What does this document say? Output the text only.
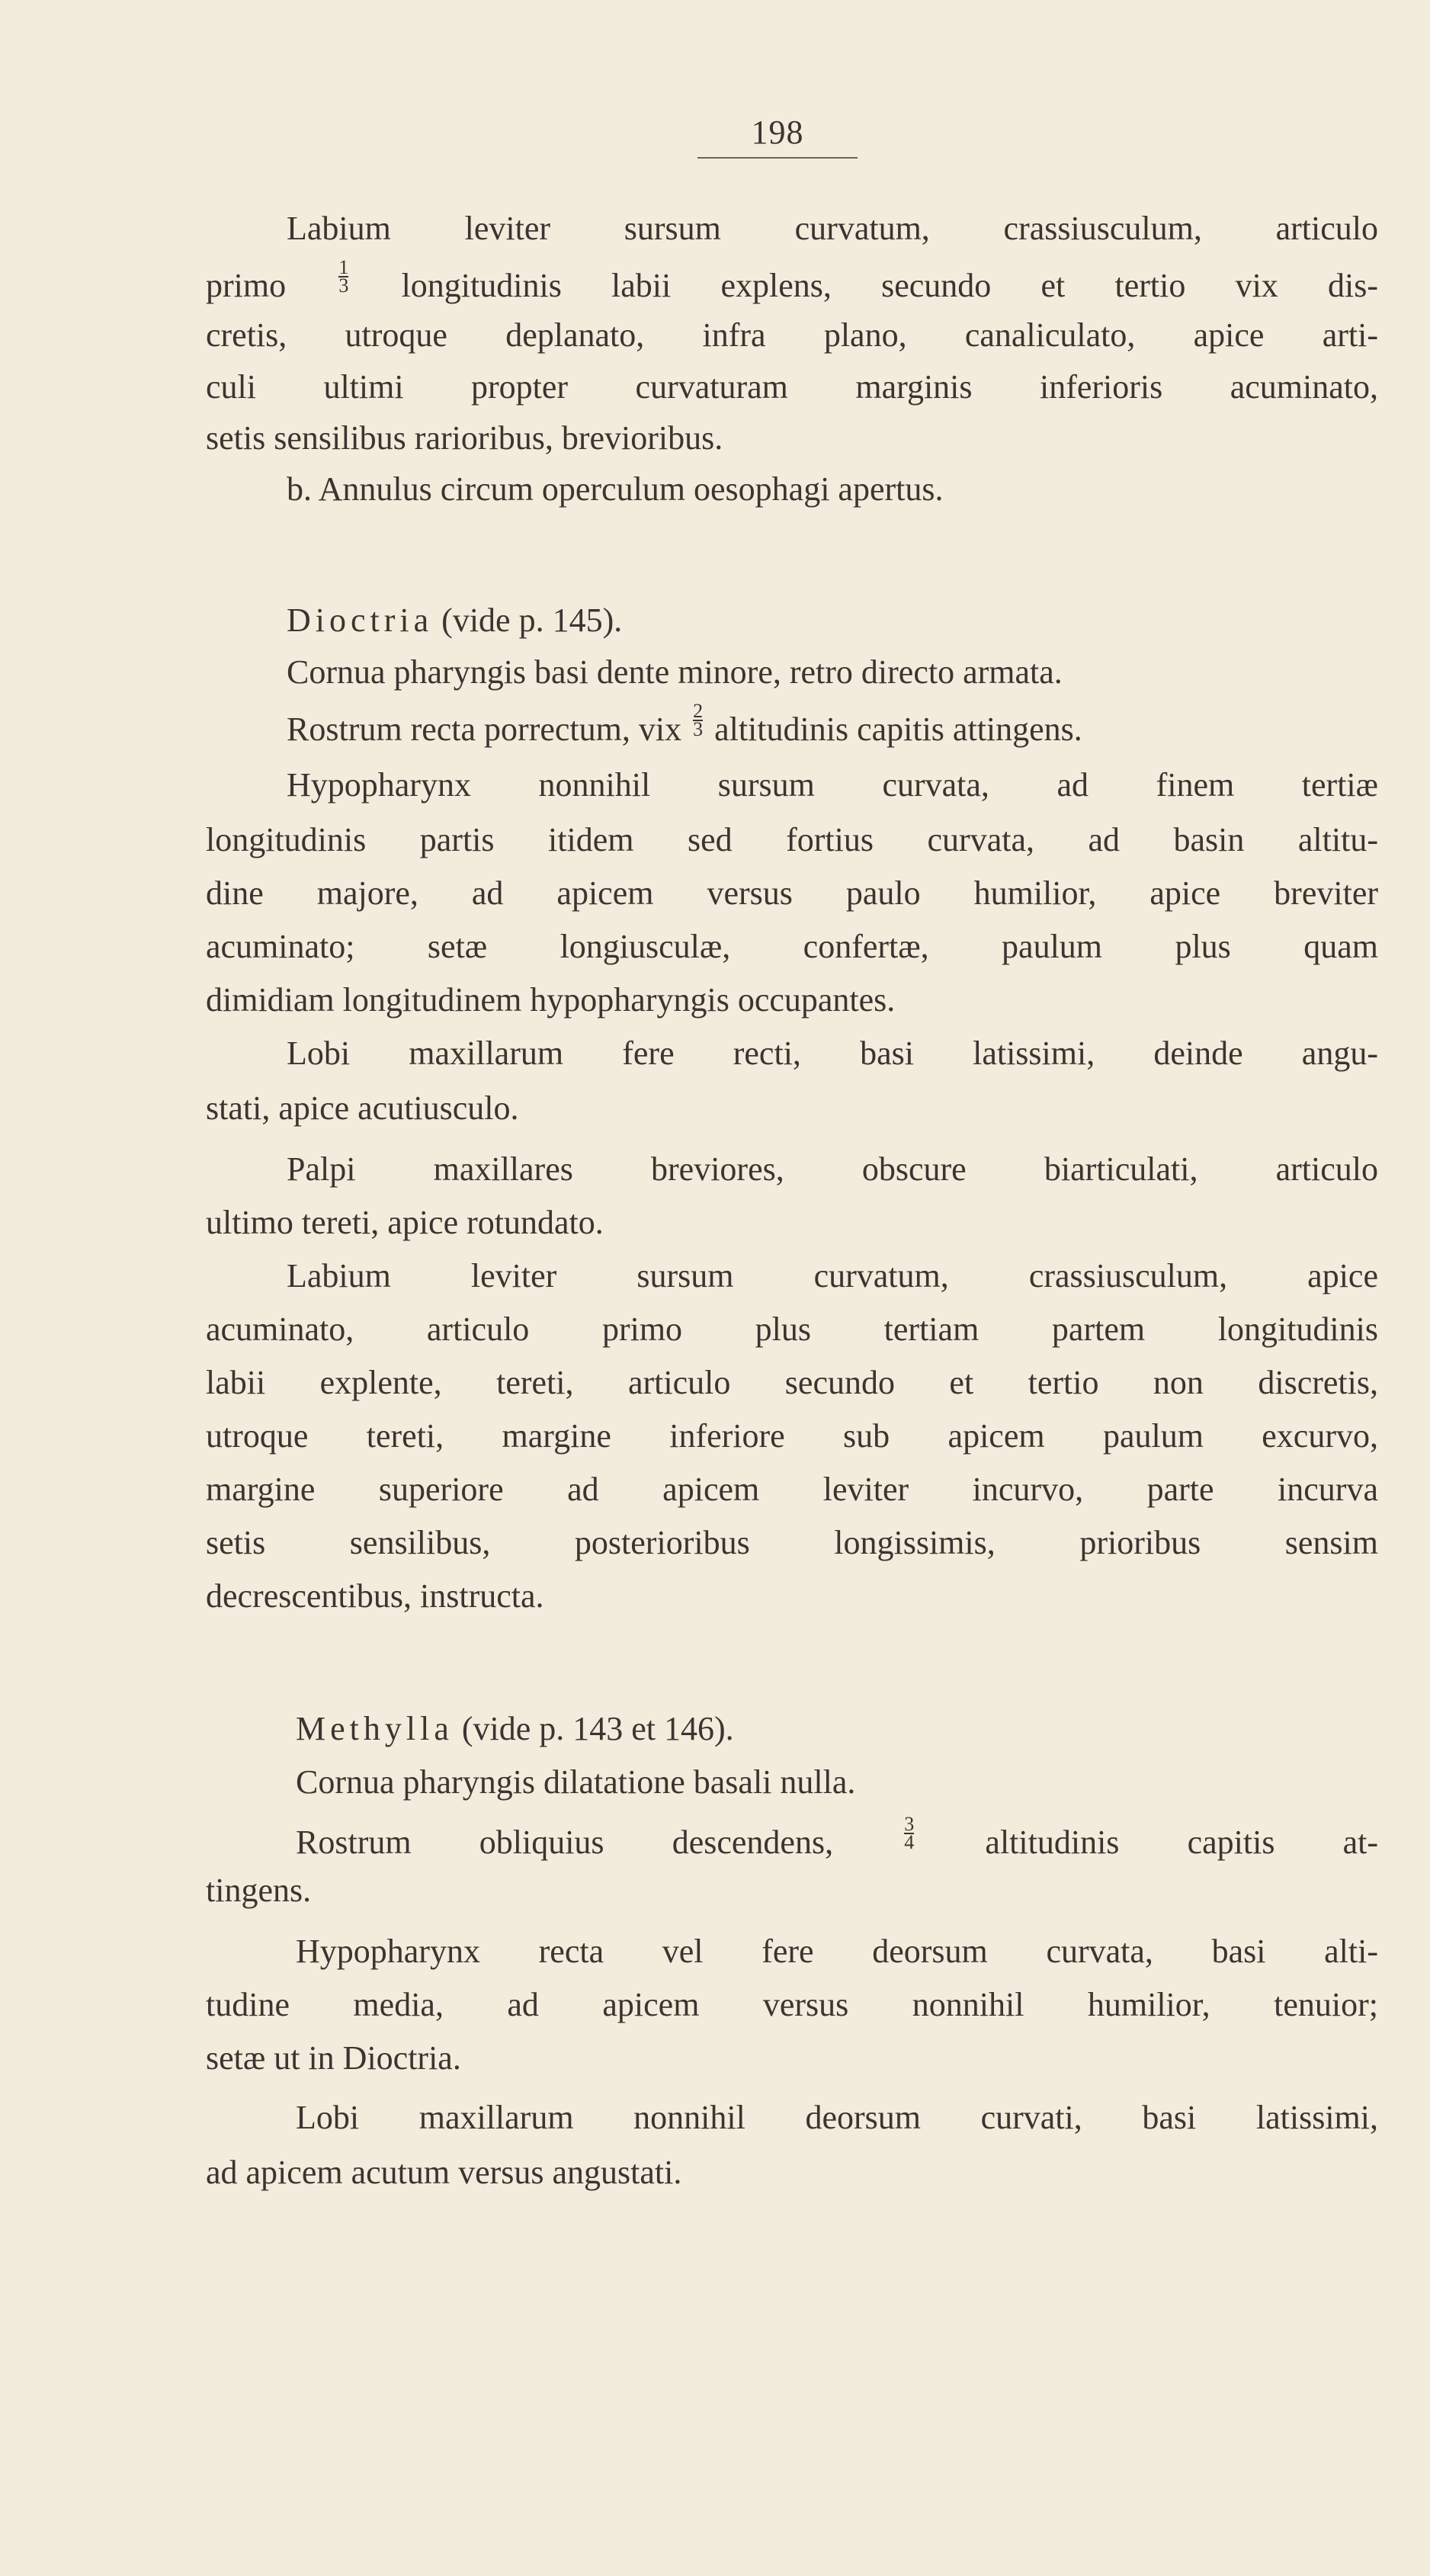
198
Labium leviter sursum curvatum, crassiusculum, articulo
primo	$\frac{1}{3}$ longitudinis labii explens, secundo et tertio vix dis-
cretis, utroque deplanato, infra plano, canaliculato, apice arti-
culi ultimi propter curvaturam marginis inferioris acuminato,
setis sensilibus rarioribus, brevioribus.
b. Annulus circum operculum oesophagi apertus.
Dioctria (vide p. 145).
Cornua pharyngis basi dente minore, retro directo armata.
Rostrum recta porrectum, vix $\frac{2}{3}$ altitudinis capitis attingens.
Hypopharynx nonnihil sursum curvata, ad finem tertiæ
longitudinis partis itidem sed fortius curvata, ad basin altitu-
dine majore, ad apicem versus paulo humilior, apice breviter
acuminato; setæ longiusculæ, confertæ, paulum plus quam
dimidiam longitudinem hypopharyngis occupantes.
Lobi maxillarum fere recti, basi latissimi, deinde angu-
stati, apice acutiusculo.
Palpi maxillares breviores, obscure biarticulati, articulo
ultimo tereti, apice rotundato.
Labium leviter sursum curvatum, crassiusculum, apice
acuminato, articulo primo plus tertiam partem longitudinis
labii explente, tereti, articulo secundo et tertio non discretis,
utroque tereti, margine inferiore sub apicem paulum excurvo,
margine superiore ad apicem leviter incurvo, parte incurva
setis sensilibus, posterioribus longissimis, prioribus sensim
decrescentibus, instructa.
Methylla (vide p. 143 et 146).
Cornua pharyngis dilatatione basali nulla.
Rostrum obliquius descendens,	$\frac{3}{4}$ altitudinis capitis at-
tingens.
Hypopharynx recta vel fere deorsum curvata, basi alti-
tudine media, ad apicem versus nonnihil humilior, tenuior;
setæ ut in Dioctria.
Lobi maxillarum nonnihil deorsum curvati, basi latissimi,
ad apicem acutum versus angustati.
